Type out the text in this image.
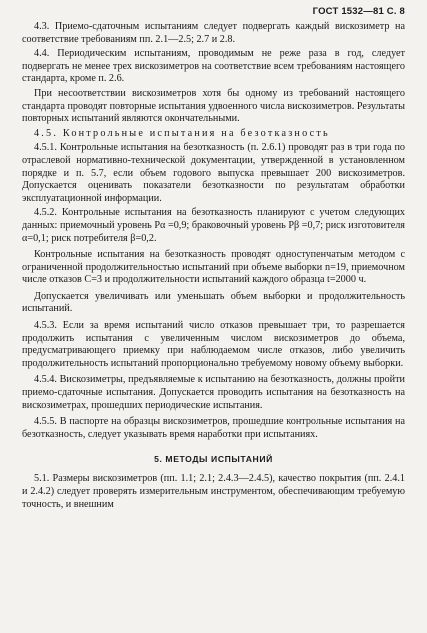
ГОСТ 1532—81 С. 8

4.3. Приемо-сдаточным испытаниям следует подвергать каждый вискозиметр на соответствие требованиям пп. 2.1—2.5; 2.7 и 2.8.

4.4. Периодическим испытаниям, проводимым не реже раза в год, следует подвергать не менее трех вискозиметров на соответствие всем требованиям настоящего стандарта, кроме п. 2.6.

При несоответствии вискозиметров хотя бы одному из требований настоящего стандарта проводят повторные испытания удвоенного числа вискозиметров. Результаты повторных испытаний являются окончательными.

4.5. Контрольные испытания на безотказность

4.5.1. Контрольные испытания на безотказность (п. 2.6.1) проводят раз в три года по отраслевой нормативно-технической документации, утвержденной в установленном порядке и п. 5.7, если объем годового выпуска превышает 200 вискозиметров. Допускается оценивать показатели безотказности по результатам обработки эксплуатационной информации.

4.5.2. Контрольные испытания на безотказность планируют с учетом следующих данных: приемочный уровень Pα =0,9; браковочный уровень Pβ =0,7; риск изготовителя α=0,1; риск потребителя β=0,2.

Контрольные испытания на безотказность проводят одноступенчатым методом с ограниченной продолжительностью испытаний при объеме выборки n=19, приемочном числе отказов C=3 и продолжительности испытаний каждого образца t=2000 ч.

Допускается увеличивать или уменьшать объем выборки и продолжительность испытаний.

4.5.3. Если за время испытаний число отказов превышает три, то разрешается продолжить испытания с увеличенным числом вискозиметров до объема, предусматривающего приемку при наблюдаемом числе отказов, либо увеличить продолжительность испытаний пропорционально требуемому новому объему выборки.

4.5.4. Вискозиметры, предъявляемые к испытанию на безотказность, должны пройти приемо-сдаточные испытания. Допускается проводить испытания на безотказность на вискозиметрах, прошедших периодические испытания.

4.5.5. В паспорте на образцы вискозиметров, прошедшие контрольные испытания на безотказность, следует указывать время наработки при испытаниях.

5. МЕТОДЫ ИСПЫТАНИЙ

5.1. Размеры вискозиметров (пп. 1.1; 2.1; 2.4.3—2.4.5), качество покрытия (пп. 2.4.1 и 2.4.2) следует проверять измерительным инструментом, обеспечивающим требуемую точность, и внешним
